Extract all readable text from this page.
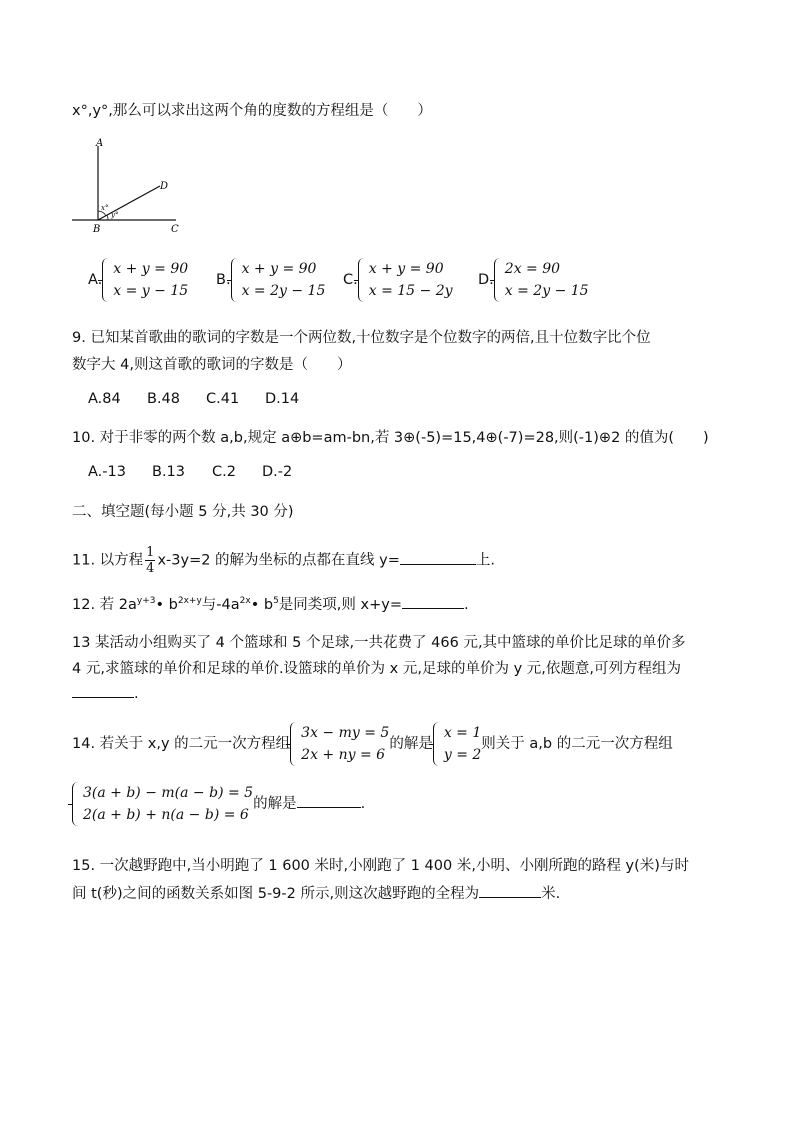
x°,y°,那么可以求出这两个角的度数的方程组是（　　）
A
B	C
D
x°
y°
A.
x + y = 90
x = y − 15
B.
x + y = 90
x = 2y − 15
C.
x + y = 90
x = 15 − 2y
D.
2x = 90
x = 2y − 15
9. 已知某首歌曲的歌词的字数是一个两位数,十位数字是个位数字的两倍,且十位数字比个位
数字大 4,则这首歌的歌词的字数是（　　）
A.84 B.48 C.41 D.14
10. 对于非零的两个数 a,b,规定 a⊕b=am-bn,若 3⊕(-5)=15,4⊕(-7)=28,则(-1)⊕2 的值为(　　)
A.-13 B.13 C.2 D.-2
二、填空题(每小题 5 分,共 30 分)
11. 以方程 $\frac{1}{4} x-3y=2$ 的解为坐标的点都在直线 y=	上.
12. 若 $2a^{y+3}•$ $b^{2x+y}$与$-4a^{2x}•$ $b^5$是同类项,则 x+y=	.
13 某活动小组购买了 4 个篮球和 5 个足球,一共花费了 466 元,其中篮球的单价比足球的单价多
4 元,求篮球的单价和足球的单价.设篮球的单价为 x 元,足球的单价为 y 元,依题意,可列方程组为
.
14. 若关于 x,y 的二元一次方程组
3x − my = 5
2x + ny = 6
的解是
x = 1
y = 2
则关于 a,b 的二元一次方程组
3(a + b) − m(a − b) = 5
2(a + b) + n(a − b) = 6
的解是	.
15. 一次越野跑中,当小明跑了 1 600 米时,小刚跑了 1 400 米,小明、小刚所跑的路程 y(米)与时
间 t(秒)之间的函数关系如图 5-9-2 所示,则这次越野跑的全程为	米.
